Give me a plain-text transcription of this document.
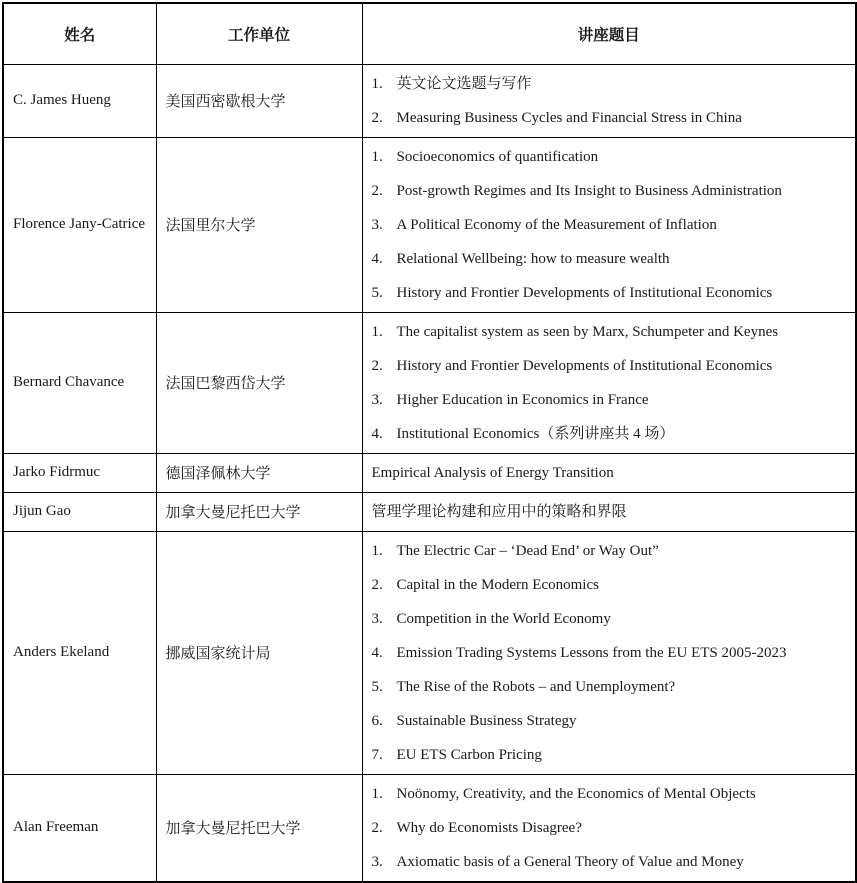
姓名	工作单位	讲座题目
C. James Hueng	美国西密歇根大学	1. 英文论文选题与写作
2. Measuring Business Cycles and Financial Stress in China

Florence Jany-Catrice	法国里尔大学	
1. Socioeconomics of quantification
2. Post-growth Regimes and Its Insight to Business Administration
3. A Political Economy of the Measurement of Inflation
4. Relational Wellbeing: how to measure wealth
5. History and Frontier Developments of Institutional Economics

Bernard Chavance	法国巴黎西岱大学	
1. The capitalist system as seen by Marx, Schumpeter and Keynes
2. History and Frontier Developments of Institutional Economics
3. Higher Education in Economics in France
4. Institutional Economics（系列讲座共 4 场）

Jarko Fidrmuc	德国泽佩林大学	Empirical Analysis of Energy Transition

Jijun Gao	加拿大曼尼托巴大学	管理学理论构建和应用中的策略和界限

Anders Ekeland	挪威国家统计局	
1. The Electric Car – ‘Dead End’ or Way Out”
2. Capital in the Modern Economics
3. Competition in the World Economy
4. Emission Trading Systems Lessons from the EU ETS 2005-2023
5. The Rise of the Robots – and Unemployment?
6. Sustainable Business Strategy
7. EU ETS Carbon Pricing

Alan Freeman	加拿大曼尼托巴大学	
1. Noönomy, Creativity, and the Economics of Mental Objects
2. Why do Economists Disagree?
3. Axiomatic basis of a General Theory of Value and Money
